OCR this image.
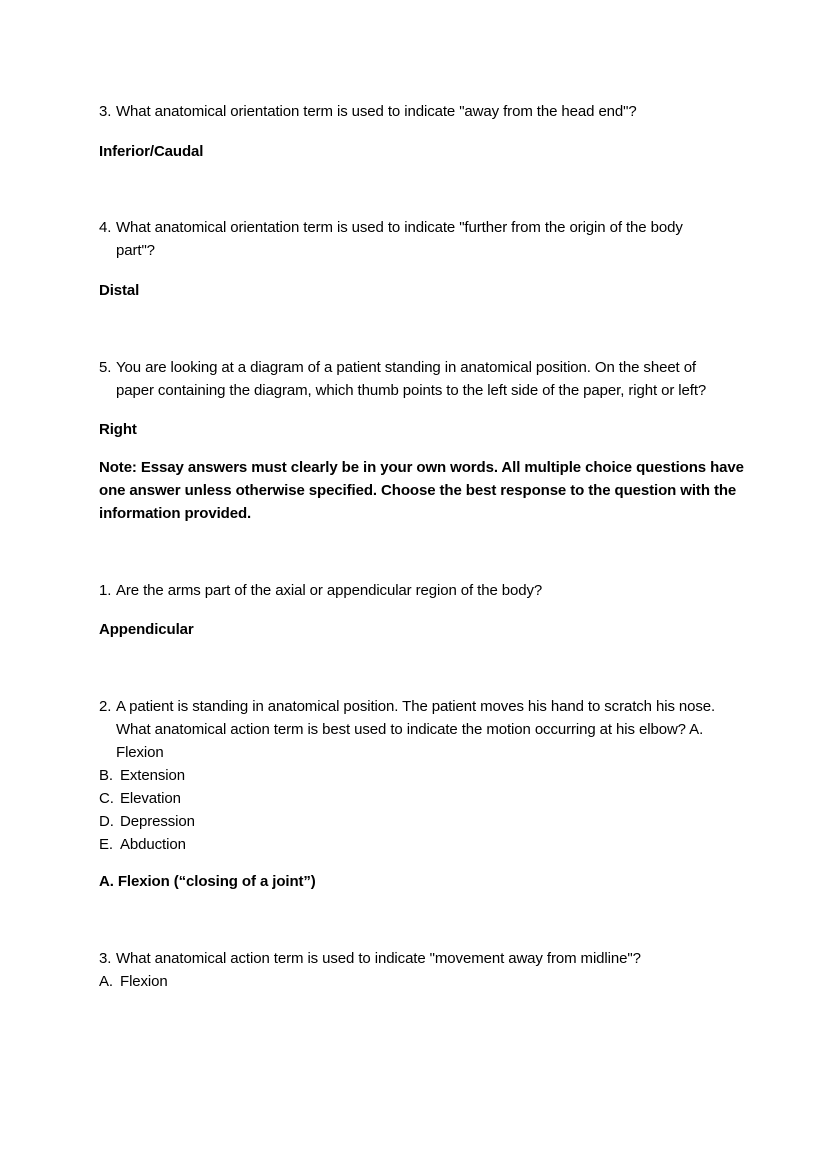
3. What anatomical orientation term is used to indicate "away from the head end"?
Inferior/Caudal
4. What anatomical orientation term is used to indicate "further from the origin of the body
part"?
Distal
5. You are looking at a diagram of a patient standing in anatomical position. On the sheet of
paper containing the diagram, which thumb points to the left side of the paper, right or left?
Right
Note: Essay answers must clearly be in your own words. All multiple choice questions have
one answer unless otherwise specified. Choose the best response to the question with the
information provided.
1. Are the arms part of the axial or appendicular region of the body?
Appendicular
2. A patient is standing in anatomical position. The patient moves his hand to scratch his nose.
What anatomical action term is best used to indicate the motion occurring at his elbow? A.
Flexion
B. Extension
C. Elevation
D. Depression
E. Abduction
A. Flexion (“closing of a joint”)
3. What anatomical action term is used to indicate "movement away from midline"?
A. Flexion
